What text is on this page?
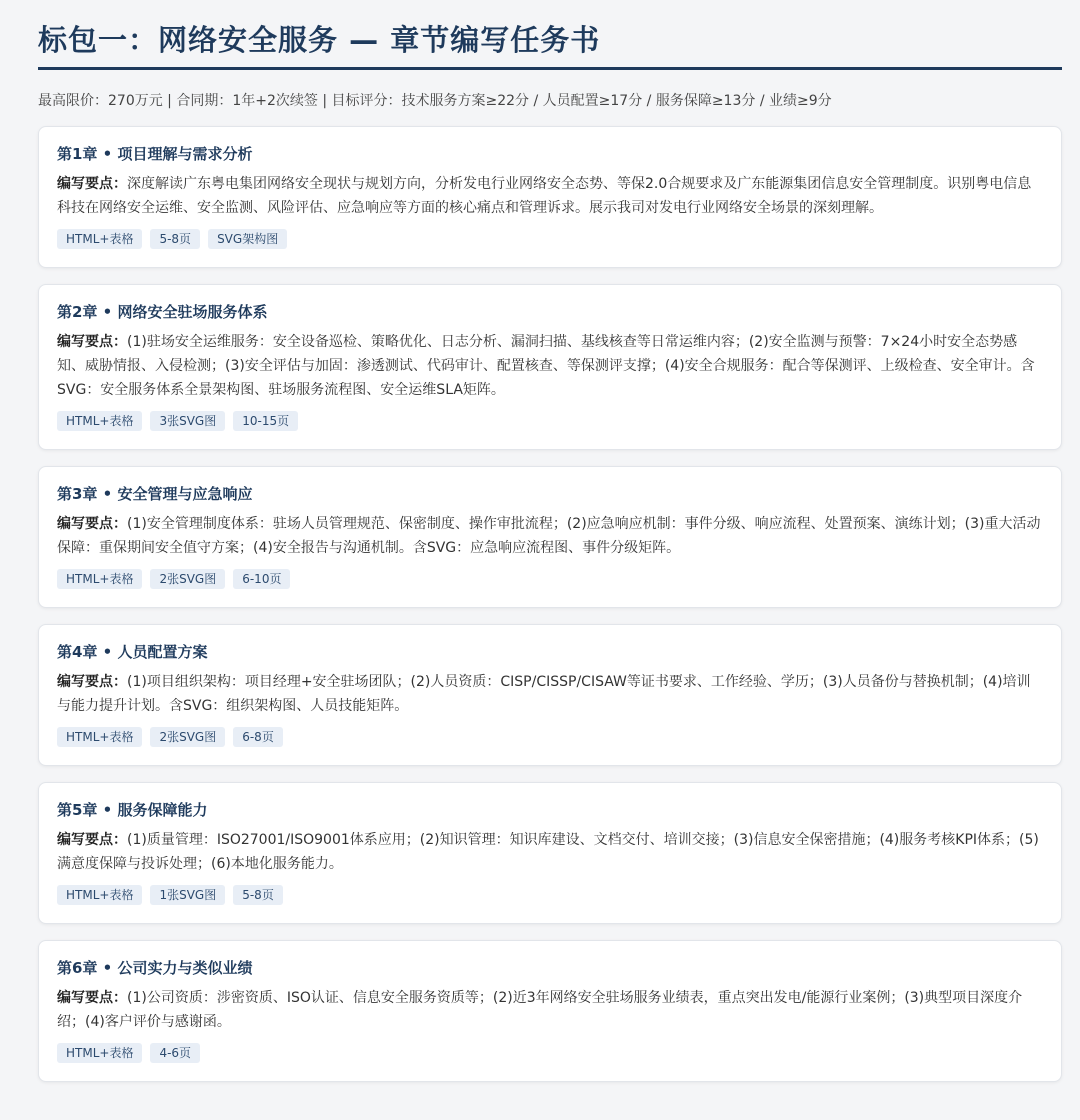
标包一：网络安全服务 — 章节编写任务书
最高限价：270万元 | 合同期：1年+2次续签 | 目标评分：技术服务方案≥22分 / 人员配置≥17分 / 服务保障≥13分 / 业绩≥9分
第1章 • 项目理解与需求分析
编写要点：深度解读广东粤电集团网络安全现状与规划方向，分析发电行业网络安全态势、等保2.0合规要求及广东能源集团信息安全管理制度。识别粤电信息科技在网络安全运维、安全监测、风险评估、应急响应等方面的核心痛点和管理诉求。展示我司对发电行业网络安全场景的深刻理解。
HTML+表格	5-8页	SVG架构图
第2章 • 网络安全驻场服务体系
编写要点：(1)驻场安全运维服务：安全设备巡检、策略优化、日志分析、漏洞扫描、基线核查等日常运维内容；(2)安全监测与预警：7×24小时安全态势感知、威胁情报、入侵检测；(3)安全评估与加固：渗透测试、代码审计、配置核查、等保测评支撑；(4)安全合规服务：配合等保测评、上级检查、安全审计。含SVG：安全服务体系全景架构图、驻场服务流程图、安全运维SLA矩阵。
HTML+表格	3张SVG图	10-15页
第3章 • 安全管理与应急响应
编写要点：(1)安全管理制度体系：驻场人员管理规范、保密制度、操作审批流程；(2)应急响应机制：事件分级、响应流程、处置预案、演练计划；(3)重大活动保障：重保期间安全值守方案；(4)安全报告与沟通机制。含SVG：应急响应流程图、事件分级矩阵。
HTML+表格	2张SVG图	6-10页
第4章 • 人员配置方案
编写要点：(1)项目组织架构：项目经理+安全驻场团队；(2)人员资质：CISP/CISSP/CISAW等证书要求、工作经验、学历；(3)人员备份与替换机制；(4)培训与能力提升计划。含SVG：组织架构图、人员技能矩阵。
HTML+表格	2张SVG图	6-8页
第5章 • 服务保障能力
编写要点：(1)质量管理：ISO27001/ISO9001体系应用；(2)知识管理：知识库建设、文档交付、培训交接；(3)信息安全保密措施；(4)服务考核KPI体系；(5)满意度保障与投诉处理；(6)本地化服务能力。
HTML+表格	1张SVG图	5-8页
第6章 • 公司实力与类似业绩
编写要点：(1)公司资质：涉密资质、ISO认证、信息安全服务资质等；(2)近3年网络安全驻场服务业绩表，重点突出发电/能源行业案例；(3)典型项目深度介绍；(4)客户评价与感谢函。
HTML+表格	4-6页
